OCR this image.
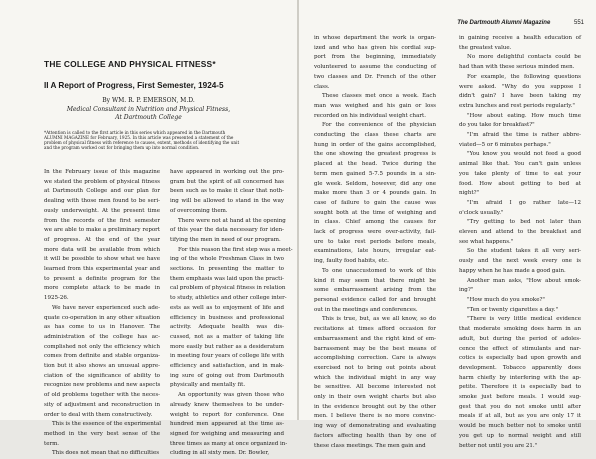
THE COLLEGE AND PHYSICAL FITNESS*
II A Report of Progress, First Semester, 1924-5
By WM. R. P. EMERSON, M.D.
Medical Consultant in Nutrition and Physical Fitness,
At Dartmouth College
*Attention is called to the first article in this series which appeared in the Dartmouth
ALUMNI MAGAZINE for February, 1925. In this article was presented a statement of the
problem of physical fitness with reference to causes, extent, methods of identifying the unit
and the program worked out for bringing them up into normal condition.
In the February issue of this magazine
we stated the problem of physical fitness
at Dartmouth College and our plan for
dealing with those men found to be seri-
ously underweight. At the present time
from the records of the first semester
we are able to make a preliminary report
of progress. At the end of the year
more data will be available from which
it will be possible to show what we have
learned from this experimental year and
to present a definite program for the
more complete attack to be made in
1925-26.
We have never experienced such ade-
quate co-operation in any other situation
as has come to us in Hanover. The
administration of the college has ac-
complished not only the efficiency which
comes from definite and stable organiza-
tion but it also shows an unusual appre-
ciation of the significance of ability to
recognize new problems and new aspects
of old problems together with the neces-
sity of adjustment and reconstruction in
order to deal with them constructively.
This is the essence of the experimental
method in the very best sense of the
term.
This does not mean that no difficulties
have appeared in working out the pro-
gram but the spirit of all concerned has
been such as to make it clear that noth-
ing will be allowed to stand in the way
of overcoming them.
There were not at hand at the opening
of this year the data necessary for iden-
tifying the men in need of our program.
For this reason the first step was a meet-
ing of the whole Freshman Class in two
sections. In presenting the matter to
them emphasis was laid upon the practi-
cal problem of physical fitness in relation
to study, athletics and other college inter-
ests as well as to enjoyment of life and
efficiency in business and professional
activity. Adequate health was dis-
cussed, not as a matter of taking life
more easily but rather as a desideratum
in meeting four years of college life with
efficiency and satisfaction, and in mak-
ing sure of going out from Dartmouth
physically and mentally fit.
An opportunity was given those who
already knew themselves to be under-
weight to report for conference. One
hundred men appeared at the time as-
signed for weighing and measuring and
three times as many at once organized in-
cluding in all sixty men. Dr. Bowler,
The Dartmouth Alumni Magazine	551
in whose department the work is organ-
ized and who has given his cordial sup-
port from the beginning, immediately
volunteered to assume the conducting of
two classes and Dr. French of the other
class.
These classes met once a week. Each
man was weighed and his gain or loss
recorded on his individual weight chart.
For the convenience of the physician
conducting the class these charts are
hung in order of the gains accomplished,
the one showing the greatest progress is
placed at the head. Twice during the
term men gained 5-7.5 pounds in a sin-
gle week. Seldom, however, did any one
make more than 3 or 4 pounds gain. In
case of failure to gain the cause was
sought both at the time of weighing and
in class. Chief among the causes for
lack of progress were over-activity, fail-
ure to take rest periods before meals,
examinations, late hours, irregular eat-
ing, faulty food habits, etc.
To one unaccustomed to work of this
kind it may seem that there might be
some embarrassment arising from the
personal evidence called for and brought
out in the meetings and conferences.
This is true, but, as we all know, so do
recitations at times afford occasion for
embarrassment and the right kind of em-
barrassment may be the best means of
accomplishing correction. Care is always
exercised not to bring out points about
which the individual might in any way
be sensitive. All become interested not
only in their own weight charts but also
in the evidence brought out by the other
men. I believe there is no more convinc-
ing way of demonstrating and evaluating
factors affecting health than by one of
these class meetings. The men gain and
in gaining receive a health education of
the greatest value.
No more delightful contacts could be
had than with these serious minded men.
For example, the following questions
were asked. "Why do you suppose I
didn't gain? I have been taking my
extra lunches and rest periods regularly."
"How about eating. How much time
do you take for breakfast?"
"I'm afraid the time is rather abbre-
viated—5 or 6 minutes perhaps."
"You know you would not feed a good
animal like that. You can't gain unless
you take plenty of time to eat your
food. How about getting to bed at
night?"
"I'm afraid I go rather late—12
o'clock usually."
"Try getting to bed not later than
eleven and attend to the breakfast and
see what happens."
So the student takes it all very seri-
ously and the next week every one is
happy when he has made a good gain.
Another man asks, "How about smok-
ing?"
"How much do you smoke?"
"Ten or twenty cigarettes a day."
"There is very little medical evidence
that moderate smoking does harm in an
adult, but during the period of adoles-
cence the effect of stimulants and nar-
cotics is especially bad upon growth and
development. Tobacco apparently does
harm chiefly by interfering with the ap-
petite. Therefore it is especially bad to
smoke just before meals. I would sug-
gest that you do not smoke until after
meals if at all, but as you are only 17 it
would be much better not to smoke until
you get up to normal weight and still
better not until you are 21."
